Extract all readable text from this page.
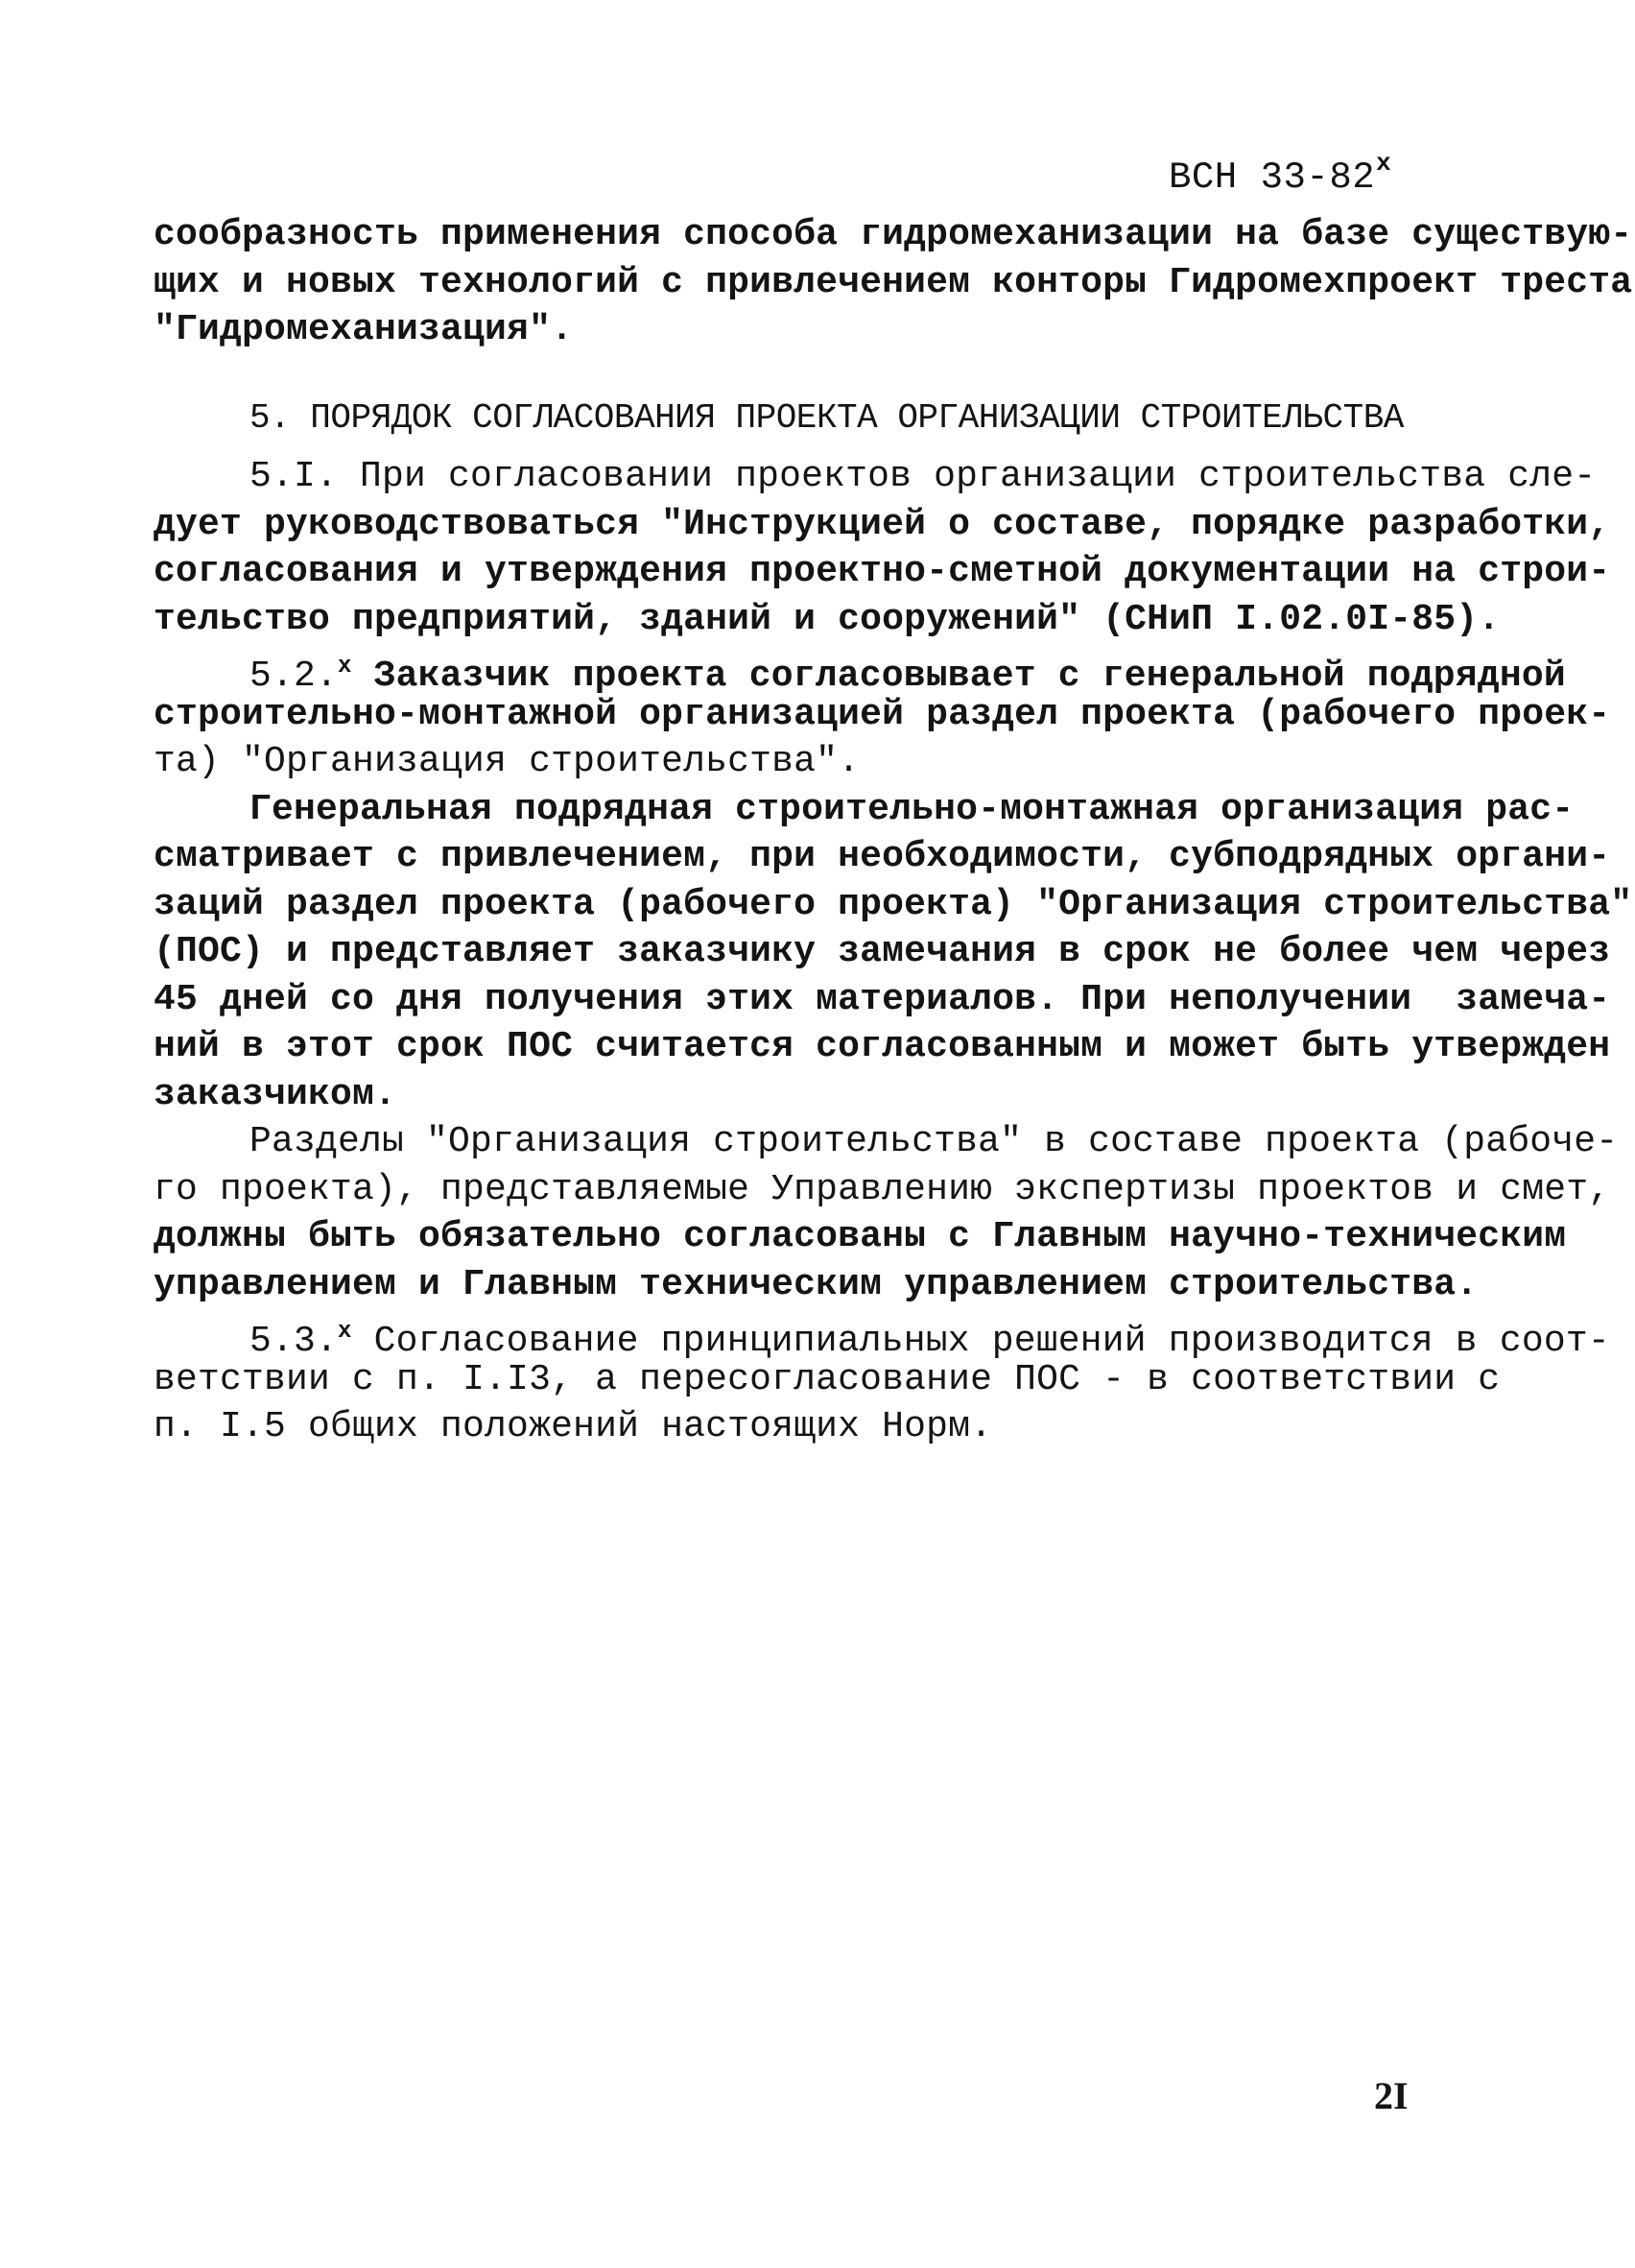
ВСН 33-82$^x$
сообразность применения способа гидромеханизации на базе существую-
щих и новых технологий с привлечением конторы Гидромехпроект треста
"Гидромеханизация".
5. ПОРЯДОК СОГЛАСОВАНИЯ ПРОЕКТА ОРГАНИЗАЦИИ СТРОИТЕЛЬСТВА
5.I. При согласовании проектов организации строительства сле-
дует руководствоваться "Инструкцией о составе, порядке разработки,
согласования и утверждения проектно-сметной документации на строи-
тельство предприятий, зданий и сооружений" (СНиП I.02.0I-85).
5.2.$^x$ Заказчик проекта согласовывает с генеральной подрядной
строительно-монтажной организацией раздел проекта (рабочего проек-
та) "Организация строительства".
Генеральная подрядная строительно-монтажная организация рас-
сматривает с привлечением, при необходимости, субподрядных органи-
заций раздел проекта (рабочего проекта) "Организация строительства"
(ПОС) и представляет заказчику замечания в срок не более чем через
45 дней со дня получения этих материалов. При неполучении  замеча-
ний в этот срок ПОС считается согласованным и может быть утвержден
заказчиком.
Разделы "Организация строительства" в составе проекта (рабоче-
го проекта), представляемые Управлению экспертизы проектов и смет,
должны быть обязательно согласованы с Главным научно-техническим
управлением и Главным техническим управлением строительства.
5.3.$^x$ Согласование принципиальных решений производится в соот-
ветствии с п. I.I3, а пересогласование ПОС - в соответствии с
п. I.5 общих положений настоящих Норм.
2I
